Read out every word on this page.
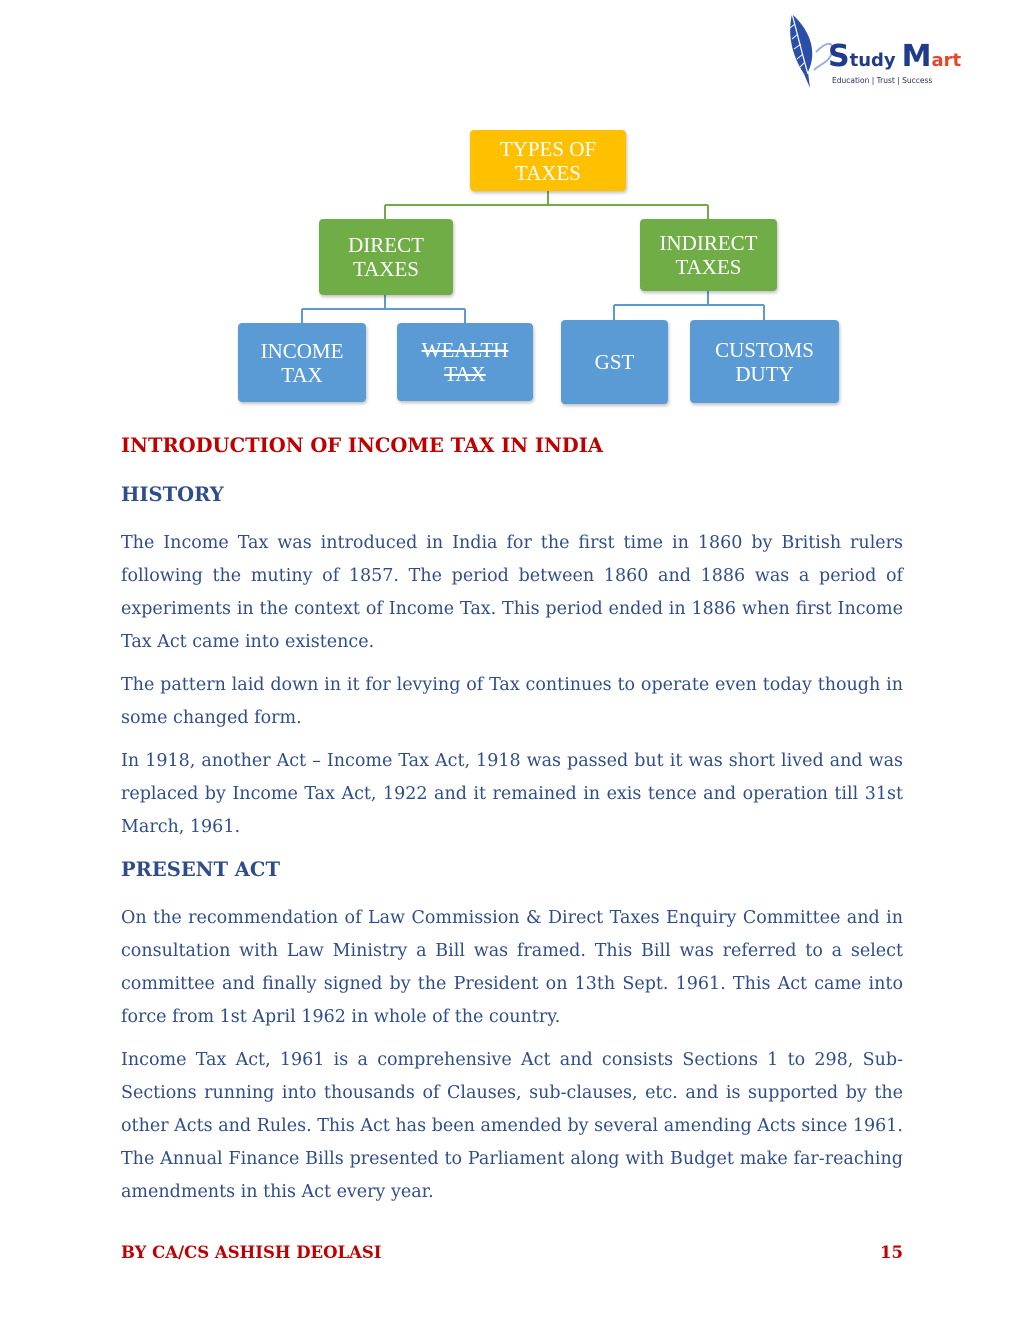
Study Mart
Education | Trust | Success
TYPES OF
TAXES
DIRECT
TAXES
INDIRECT
TAXES
INCOME
TAX
WEALTH
TAX	GST
CUSTOMS
DUTY
INTRODUCTION OF INCOME TAX IN INDIA
HISTORY

The Income Tax was introduced in India for the first time in 1860 by British rulers following the mutiny of 1857. The period between 1860 and 1886 was a period of experiments in the context of Income Tax. This period ended in 1886 when first Income Tax Act came into existence.

The pattern laid down in it for levying of Tax continues to operate even today though in some changed form.

In 1918, another Act – Income Tax Act, 1918 was passed but it was short lived and was replaced by Income Tax Act, 1922 and it remained in exis tence and operation till 31st March, 1961.

PRESENT ACT

On the recommendation of Law Commission & Direct Taxes Enquiry Committee and in consultation with Law Ministry a Bill was framed. This Bill was referred to a select committee and finally signed by the President on 13th Sept. 1961. This Act came into force from 1st April 1962 in whole of the country.

Income Tax Act, 1961 is a comprehensive Act and consists Sections 1 to 298, Sub-Sections running into thousands of Clauses, sub-clauses, etc. and is supported by the other Acts and Rules. This Act has been amended by several amending Acts since 1961. The Annual Finance Bills presented to Parliament along with Budget make far-reaching amendments in this Act every year.

BY CA/CS ASHISH DEOLASI	15
